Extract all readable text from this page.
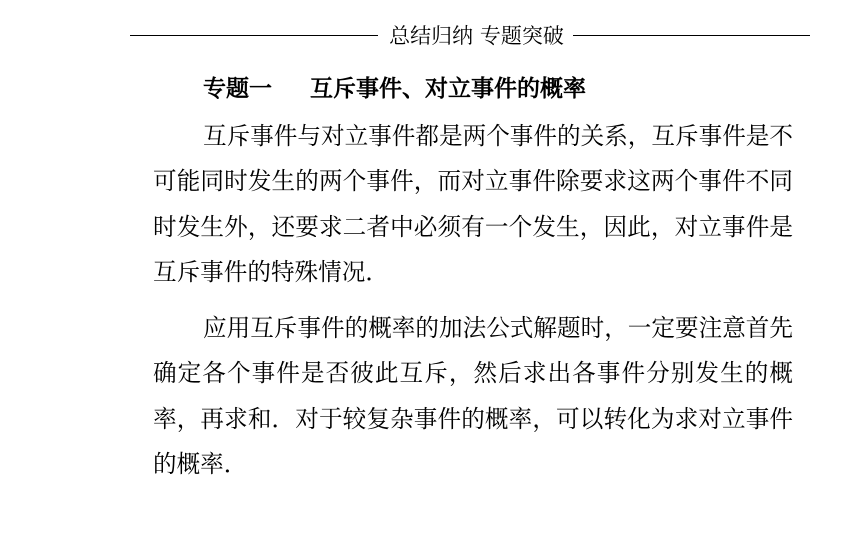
总结归纳 专题突破
专题一 互斥事件、对立事件的概率

互斥事件与对立事件都是两个事件的关系，互斥事件是不可能同时发生的两个事件，而对立事件除要求这两个事件不同时发生外，还要求二者中必须有一个发生，因此，对立事件是互斥事件的特殊情况．

应用互斥事件的概率的加法公式解题时，一定要注意首先确定各个事件是否彼此互斥，然后求出各事件分别发生的概率，再求和．对于较复杂事件的概率，可以转化为求对立事件的概率．
